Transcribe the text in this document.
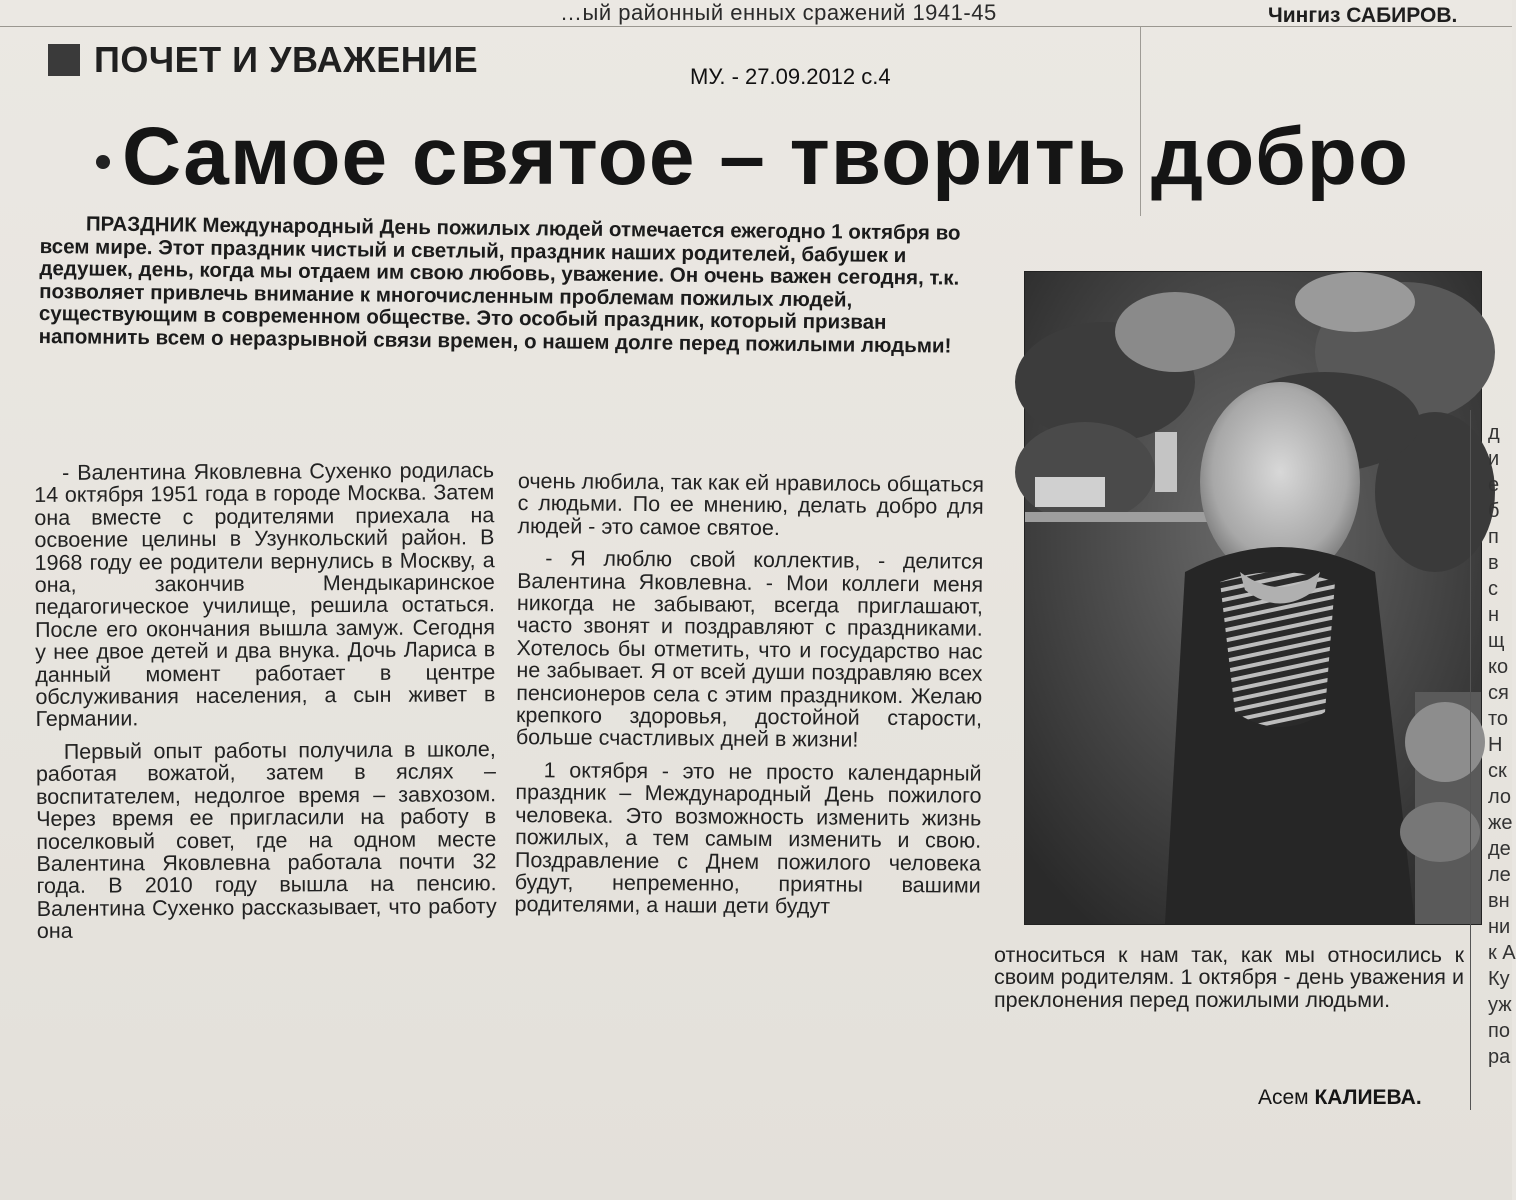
…ый районный енных сражений 1941-45	Чингиз САБИРОВ.
ПОЧЕТ И УВАЖЕНИЕ	МУ. - 27.09.2012 с.4
Самое святое – творить добро

ПРАЗДНИК Международный День пожилых людей отмечается ежегодно 1 октября во всем мире. Этот праздник чистый и светлый, праздник наших родителей, бабушек и дедушек, день, когда мы отдаем им свою любовь, уважение. Он очень важен сегодня, т.к. позволяет привлечь внимание к многочисленным проблемам пожилых людей, существующим в современном обществе. Это особый праздник, который призван напомнить всем о неразрывной связи времен, о нашем долге перед пожилыми людьми!

- Валентина Яковлевна Сухенко родилась 14 октября 1951 года в городе Москва. Затем она вместе с родителями приехала на освоение целины в Узункольский район. В 1968 году ее родители вернулись в Москву, а она, закончив Мендыкаринское педагогическое училище, решила остаться. После его окончания вышла замуж. Сегодня у нее двое детей и два внука. Дочь Лариса в данный момент работает в центре обслуживания населения, а сын живет в Германии.

Первый опыт работы получила в школе, работая вожатой, затем в яслях – воспитателем, недолгое время – завхозом. Через время ее пригласили на работу в поселковый совет, где на одном месте Валентина Яковлевна работала почти 32 года. В 2010 году вышла на пенсию. Валентина Сухенко рассказывает, что работу она

очень любила, так как ей нравилось общаться с людьми. По ее мнению, делать добро для людей - это самое святое.

- Я люблю свой коллектив, - делится Валентина Яковлевна. - Мои коллеги меня никогда не забывают, всегда приглашают, часто звонят и поздравляют с праздниками. Хотелось бы отметить, что и государство нас не забывает. Я от всей души поздравляю всех пенсионеров села с этим праздником. Желаю крепкого здоровья, достойной старости, больше счастливых дней в жизни!

1 октября - это не просто календарный праздник – Международный День пожилого человека. Это возможность изменить жизнь пожилых, а тем самым изменить и свою. Поздравление с Днем пожилого человека будут, непременно, приятны вашими родителями, а наши дети будут

относиться к нам так, как мы относились к своим родителям. 1 октября - день уважения и преклонения перед пожилыми людьми.

Асем КАЛИЕВА.
д
и
е
б
п
в
с
н
щ
ко
ся
то
Н
ск
ло
же
де
ле
вн
ни
к А
Ку
уж
по
ра
